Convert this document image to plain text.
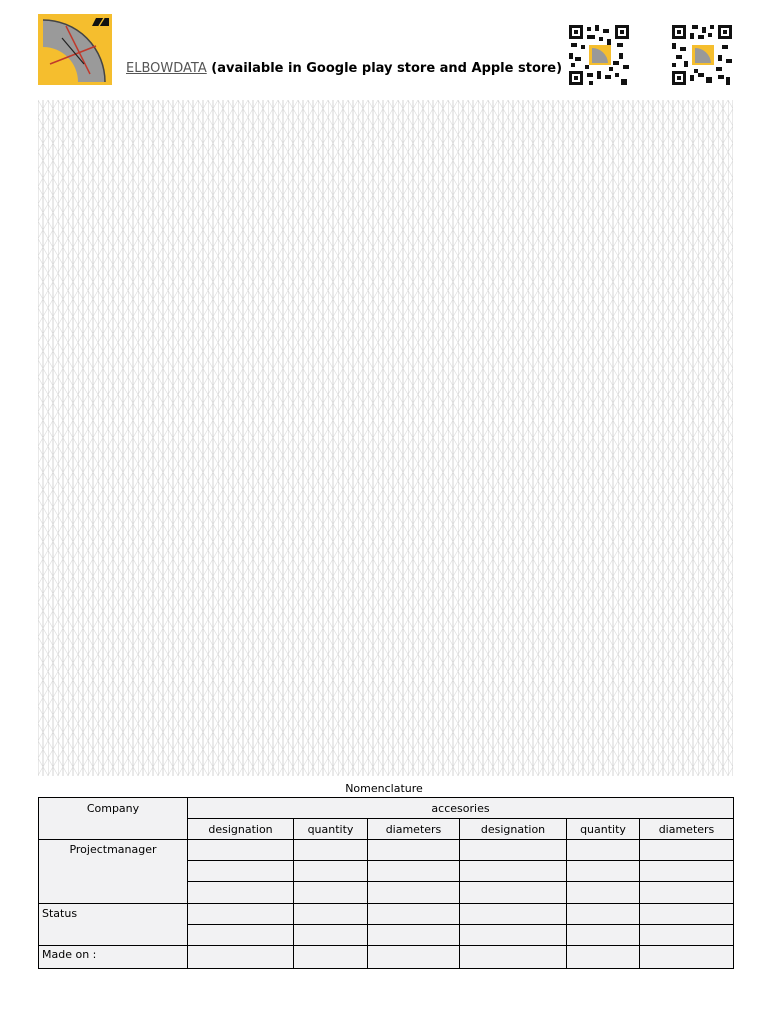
ELBOWDATA (available in Google play store and Apple store)
Nomenclature
Company	accesories					
	designation	quantity	diameters	designation	quantity	diameters
Projectmanager						

Status						

Made on :						
